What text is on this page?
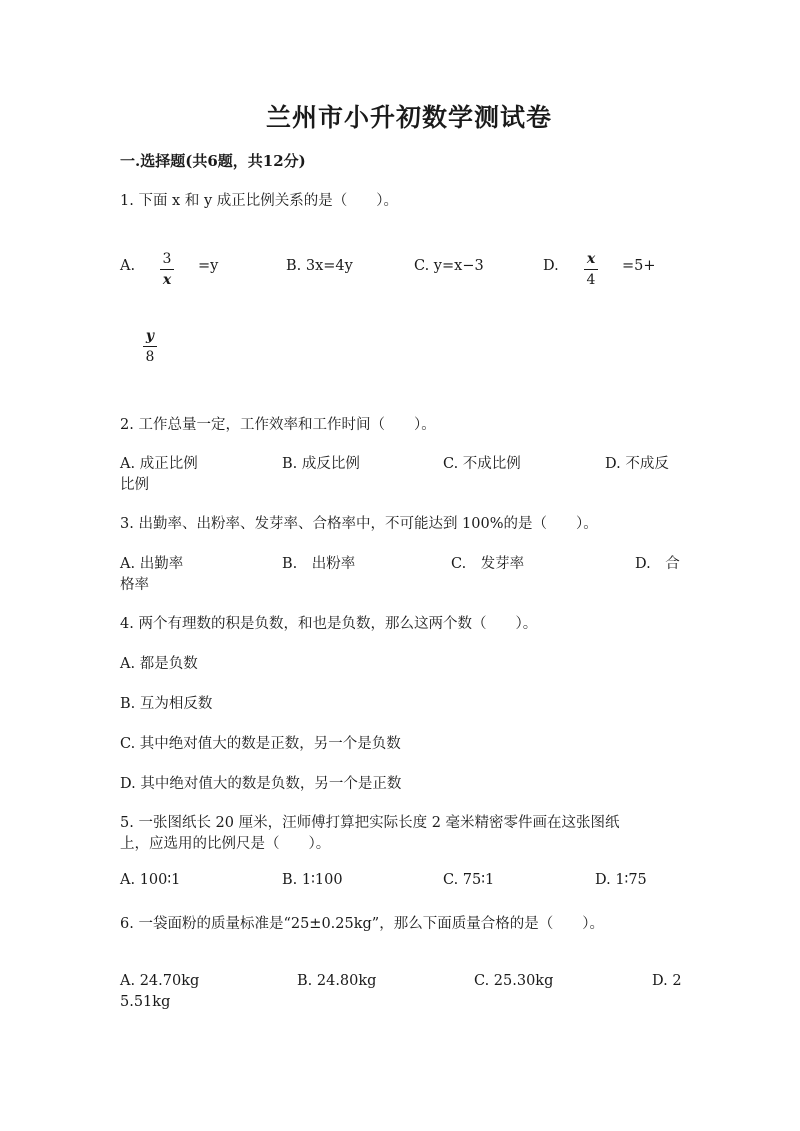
兰州市小升初数学测试卷
一.选择题(共6题，共12分)
1. 下面 x 和 y 成正比例关系的是（　　）。
A. 3
x
=y	B. 3x=4y	C. y=x−3	D. x
4
=5+
y
8
2. 工作总量一定，工作效率和工作时间（　　）。
A. 成正比例	B. 成反比例	C. 不成比例	D. 不成反
比例
3. 出勤率、出粉率、发芽率、合格率中，不可能达到 100%的是（　　）。
A. 出勤率	B.　出粉率	C.　发芽率	D.　合
格率
4. 两个有理数的积是负数，和也是负数，那么这两个数（　　）。
A. 都是负数
B. 互为相反数
C. 其中绝对值大的数是正数，另一个是负数
D. 其中绝对值大的数是负数，另一个是正数
5. 一张图纸长 20 厘米，汪师傅打算把实际长度 2 毫米精密零件画在这张图纸
上，应选用的比例尺是（　　）。
A. 100∶1	B. 1∶100	C. 75∶1	D. 1∶75
6. 一袋面粉的质量标准是“25±0.25kg”，那么下面质量合格的是（　　）。
A. 24.70kg	B. 24.80kg	C. 25.30kg	D. 2
5.51kg
